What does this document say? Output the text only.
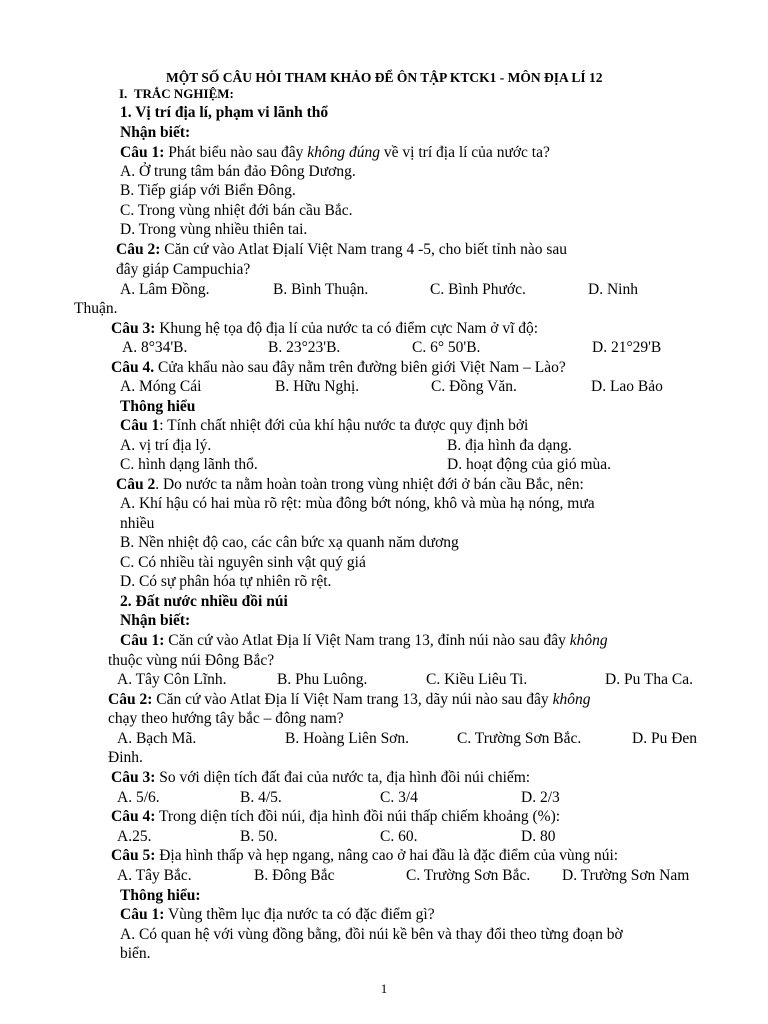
MỘT SỐ CÂU HỎI THAM KHẢO ĐỂ ÔN TẬP KTCK1 - MÔN ĐỊA LÍ 12
I. TRẮC NGHIỆM:
1. Vị trí địa lí, phạm vi lãnh thổ
Nhận biết:
Câu 1: Phát biểu nào sau đây không đúng về vị trí địa lí của nước ta?
A. Ở trung tâm bán đảo Đông Dương.
B. Tiếp giáp với Biển Đông.
C. Trong vùng nhiệt đới bán cầu Bắc.
D. Trong vùng nhiều thiên tai.
Câu 2: Căn cứ vào Atlat Địalí Việt Nam trang 4 -5, cho biết tỉnh nào sau
đây giáp Campuchia?
A. Lâm Đồng.	B. Bình Thuận.	C. Bình Phước.	D. Ninh
Thuận.
Câu 3: Khung hệ tọa độ địa lí của nước ta có điểm cực Nam ở vĩ độ:
A. 8°34'B.	B. 23°23'B.	C. 6° 50'B.	D. 21°29'B
Câu 4. Cửa khẩu nào sau đây nằm trên đường biên giới Việt Nam – Lào?
A. Móng Cái	B. Hữu Nghị.	C. Đồng Văn.	D. Lao Bảo
Thông hiểu
Câu 1: Tính chất nhiệt đới của khí hậu nước ta được quy định bởi
A. vị trí địa lý.	B. địa hình đa dạng.
C. hình dạng lãnh thổ.	D. hoạt động của gió mùa.
Câu 2. Do nước ta nằm hoàn toàn trong vùng nhiệt đới ở bán cầu Bắc, nên:
A. Khí hậu có hai mùa rõ rệt: mùa đông bớt nóng, khô và mùa hạ nóng, mưa
nhiều
B. Nền nhiệt độ cao, các cân bức xạ quanh năm dương
C. Có nhiều tài nguyên sinh vật quý giá
D. Có sự phân hóa tự nhiên rõ rệt.
2. Đất nước nhiều đồi núi
Nhận biết:
Câu 1: Căn cứ vào Atlat Địa lí Việt Nam trang 13, đỉnh núi nào sau đây không
thuộc vùng núi Đông Bắc?
A. Tây Côn Lĩnh.	B. Phu Luông.	C. Kiều Liêu Ti.	D. Pu Tha Ca.
Câu 2: Căn cứ vào Atlat Địa lí Việt Nam trang 13, dãy núi nào sau đây không
chạy theo hướng tây bắc – đông nam?
A. Bạch Mã.	B. Hoàng Liên Sơn.	C. Trường Sơn Bắc.	D. Pu Đen
Đinh.
Câu 3: So với diện tích đất đai của nước ta, địa hình đồi núi chiếm:
A. 5/6.	B. 4/5.	C. 3/4	D. 2/3
Câu 4: Trong diện tích đồi núi, địa hình đồi núi thấp chiếm khoảng (%):
A.25.	B. 50.	C. 60.	D. 80
Câu 5: Địa hình thấp và hẹp ngang, nâng cao ở hai đầu là đặc điểm của vùng núi:
A. Tây Bắc.	B. Đông Bắc	C. Trường Sơn Bắc. D. Trường Sơn Nam
Thông hiểu:
Câu 1: Vùng thềm lục địa nước ta có đặc điểm gì?
A. Có quan hệ với vùng đồng bằng, đồi núi kề bên và thay đổi theo từng đoạn bờ
biển.
1
